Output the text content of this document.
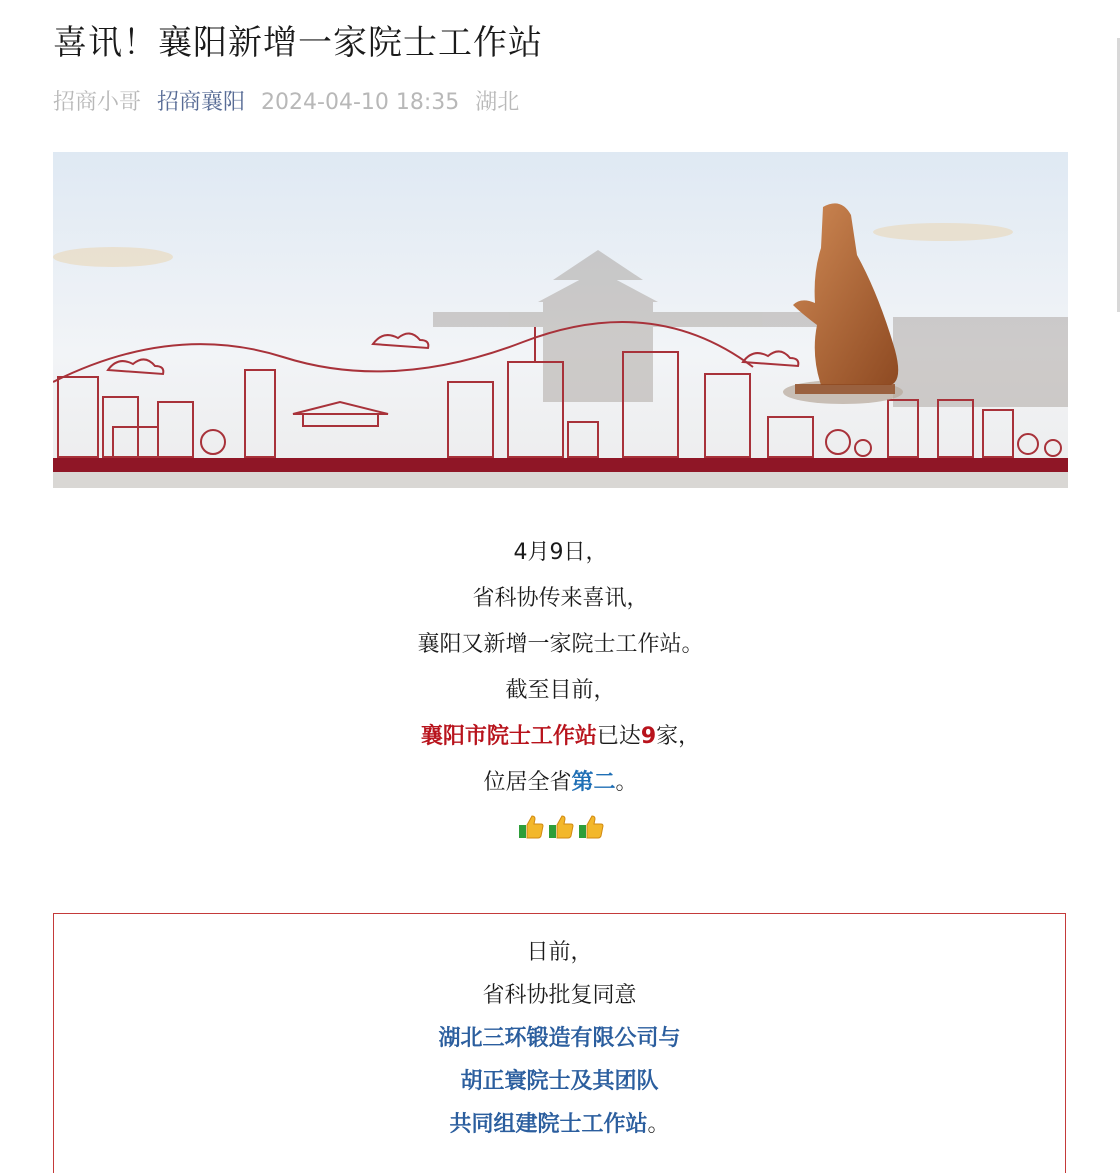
喜讯！襄阳新增一家院士工作站
招商小哥 招商襄阳 2024-04-10 18:35 湖北

4月9日，

省科协传来喜讯，

襄阳又新增一家院士工作站。

截至目前，

襄阳市院士工作站已达9家，

位居全省第二。

日前，

省科协批复同意

湖北三环锻造有限公司与

胡正寰院士及其团队

共同组建院士工作站。
